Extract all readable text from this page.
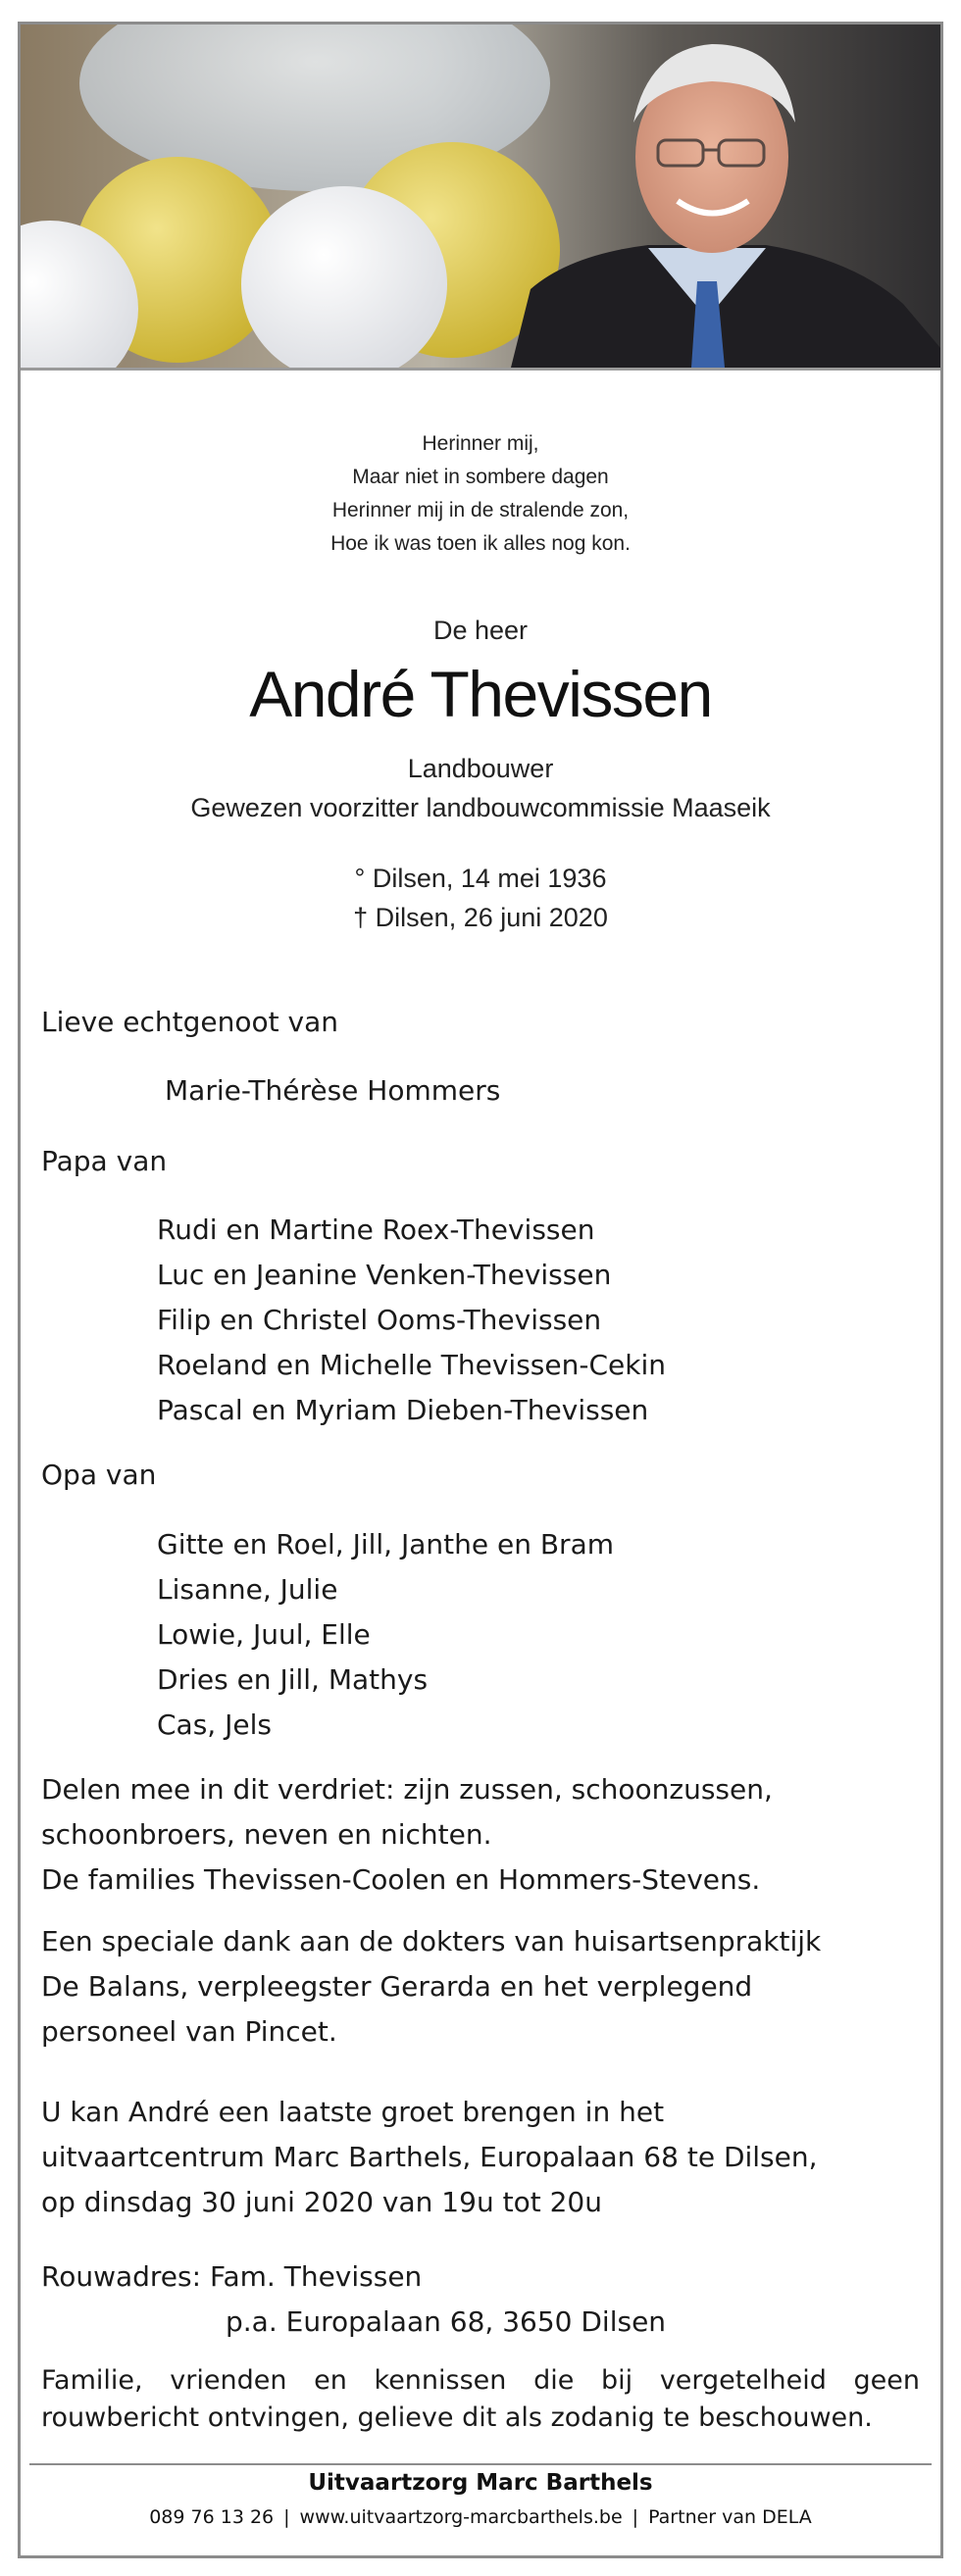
Herinner mij,
Maar niet in sombere dagen
Herinner mij in de stralende zon,
Hoe ik was toen ik alles nog kon.
De heer
André Thevissen
Landbouwer
Gewezen voorzitter landbouwcommissie Maaseik
° Dilsen, 14 mei 1936
† Dilsen, 26 juni 2020
Lieve echtgenoot van
Marie-Thérèse Hommers
Papa van
Rudi en Martine Roex-Thevissen
Luc en Jeanine Venken-Thevissen
Filip en Christel Ooms-Thevissen
Roeland en Michelle Thevissen-Cekin
Pascal en Myriam Dieben-Thevissen
Opa van
Gitte en Roel, Jill, Janthe en Bram
Lisanne, Julie
Lowie, Juul, Elle
Dries en Jill, Mathys
Cas, Jels
Delen mee in dit verdriet: zijn zussen, schoonzussen,
schoonbroers, neven en nichten.
De families Thevissen-Coolen en Hommers-Stevens.
Een speciale dank aan de dokters van huisartsenpraktijk
De Balans, verpleegster Gerarda en het verplegend
personeel van Pincet.
U kan André een laatste groet brengen in het
uitvaartcentrum Marc Barthels, Europalaan 68 te Dilsen,
op dinsdag 30 juni 2020 van 19u tot 20u
Rouwadres: Fam. Thevissen
p.a. Europalaan 68, 3650 Dilsen
Familie, vrienden en kennissen die bij vergetelheid geen rouwbericht ontvingen, gelieve dit als zodanig te beschouwen.
Uitvaartzorg Marc Barthels
089 76 13 26 | www.uitvaartzorg-marcbarthels.be | Partner van DELA
